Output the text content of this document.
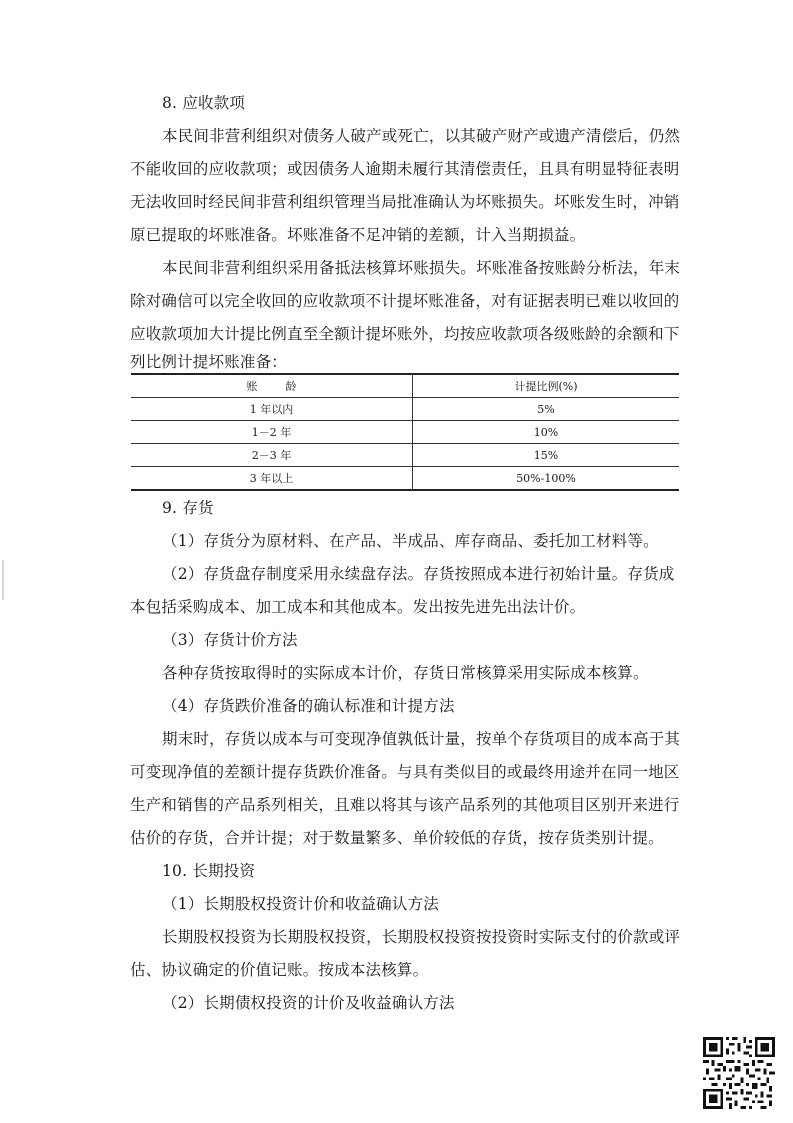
8. 应收款项
本民间非营利组织对债务人破产或死亡，以其破产财产或遗产清偿后，仍然
不能收回的应收款项；或因债务人逾期未履行其清偿责任，且具有明显特征表明
无法收回时经民间非营利组织管理当局批准确认为坏账损失。坏账发生时，冲销
原已提取的坏账准备。坏账准备不足冲销的差额，计入当期损益。
本民间非营利组织采用备抵法核算坏账损失。坏账准备按账龄分析法，年末
除对确信可以完全收回的应收款项不计提坏账准备，对有证据表明已难以收回的
应收款项加大计提比例直至全额计提坏账外，均按应收款项各级账龄的余额和下
列比例计提坏账准备：
账        龄	计提比例(%)
1 年以内	5%
1－2 年	10%
2－3 年	15%
3 年以上	50%-100%
9. 存货
（1）存货分为原材料、在产品、半成品、库存商品、委托加工材料等。
（2）存货盘存制度采用永续盘存法。存货按照成本进行初始计量。存货成
本包括采购成本、加工成本和其他成本。发出按先进先出法计价。
（3）存货计价方法
各种存货按取得时的实际成本计价，存货日常核算采用实际成本核算。
（4）存货跌价准备的确认标准和计提方法
期末时，存货以成本与可变现净值孰低计量，按单个存货项目的成本高于其
可变现净值的差额计提存货跌价准备。与具有类似目的或最终用途并在同一地区
生产和销售的产品系列相关，且难以将其与该产品系列的其他项目区别开来进行
估价的存货，合并计提；对于数量繁多、单价较低的存货，按存货类别计提。
10. 长期投资
（1）长期股权投资计价和收益确认方法
长期股权投资为长期股权投资，长期股权投资按投资时实际支付的价款或评
估、协议确定的价值记账。按成本法核算。
（2）长期债权投资的计价及收益确认方法
